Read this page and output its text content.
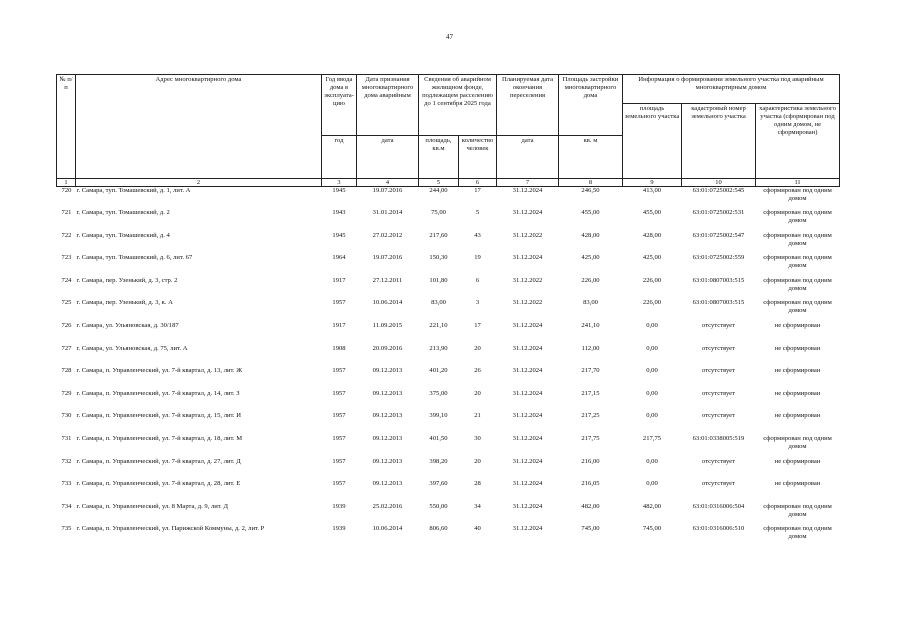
47
№ п/п	Адрес многоквартирного дома	Год ввода дома в эксплуата-цию	Дата признания многоквартирного дома аварийным	Сведения об аварийном жилищном фонде, подлежащем расселению до 1 сентября 2025 года		Планируемая дата окончания переселения	Площадь застройки многоквартирного дома	Информация о формировании земельного участка под аварийным многоквартирным домом		
								площадь земельного участка	кадастровый номер земельного участка	характеристика земельного участка (сформирован под одним домом, не сформирован)
		год	дата	площадь, кв.м	количество человек	дата	кв. м			
1	2	3	4	5	6	7	8	9	10	11
720	г. Самара, туп. Томашевский, д. 1, лит. А	1945	19.07.2016	244,00	17	31.12.2024	246,50	413,00	63:01:0725002:545	сформирован под одним домом
721	г. Самара, туп. Томашевский, д. 2	1943	31.01.2014	75,00	5	31.12.2024	455,00	455,00	63:01:0725002:531	сформирован под одним домом
722	г. Самара, туп. Томашевский, д. 4	1945	27.02.2012	217,60	43	31.12.2022	428,00	428,00	63:01:0725002:547	сформирован под одним домом
723	г. Самара, туп. Томашевский, д. 6, лит. 67	1964	19.07.2016	150,30	19	31.12.2024	425,00	425,00	63:01:0725002:559	сформирован под одним домом
724	г. Самара, пер. Узенький, д. 3, стр. 2	1917	27.12.2011	101,80	6	31.12.2022	226,00	226,00	63:01:0807003:515	сформирован под одним домом
725	г. Самара, пер. Узенький, д. 3, к. А	1957	10.06.2014	83,00	3	31.12.2022	83,00	226,00	63:01:0807003:515	сформирован под одним домом
726	г. Самара, ул. Ульяновская, д. 30/187	1917	11.09.2015	221,10	17	31.12.2024	241,10	0,00	отсутствует	не сформирован
727	г. Самара, ул. Ульяновская, д. 75, лит. А	1908	20.09.2016	213,90	20	31.12.2024	112,00	0,00	отсутствует	не сформирован
728	г. Самара, п. Управленческий, ул. 7-й квартал, д. 13, лит. Ж	1957	09.12.2013	401,20	26	31.12.2024	217,70	0,00	отсутствует	не сформирован
729	г. Самара, п. Управленческий, ул. 7-й квартал, д. 14, лит. З	1957	09.12.2013	375,00	20	31.12.2024	217,15	0,00	отсутствует	не сформирован
730	г. Самара, п. Управленческий, ул. 7-й квартал, д. 15, лит. И	1957	09.12.2013	399,10	21	31.12.2024	217,25	0,00	отсутствует	не сформирован
731	г. Самара, п. Управленческий, ул. 7-й квартал, д. 18, лит. М	1957	09.12.2013	401,50	30	31.12.2024	217,75	217,75	63:01:0338005:519	сформирован под одним домом
732	г. Самара, п. Управленческий, ул. 7-й квартал, д. 27, лит. Д	1957	09.12.2013	398,20	20	31.12.2024	216,00	0,00	отсутствует	не сформирован
733	г. Самара, п. Управленческий, ул. 7-й квартал, д. 28, лит. Е	1957	09.12.2013	397,60	28	31.12.2024	216,05	0,00	отсутствует	не сформирован
734	г. Самара, п. Управленческий, ул. 8 Марта, д. 9, лит. Д	1939	25.02.2016	550,00	34	31.12.2024	482,00	482,00	63:01:0316006:504	сформирован под одним домом
735	г. Самара, п. Управленческий, ул. Парижской Коммуны, д. 2, лит. Р	1939	10.06.2014	806,60	40	31.12.2024	745,00	745,00	63:01:0316006:510	сформирован под одним домом
